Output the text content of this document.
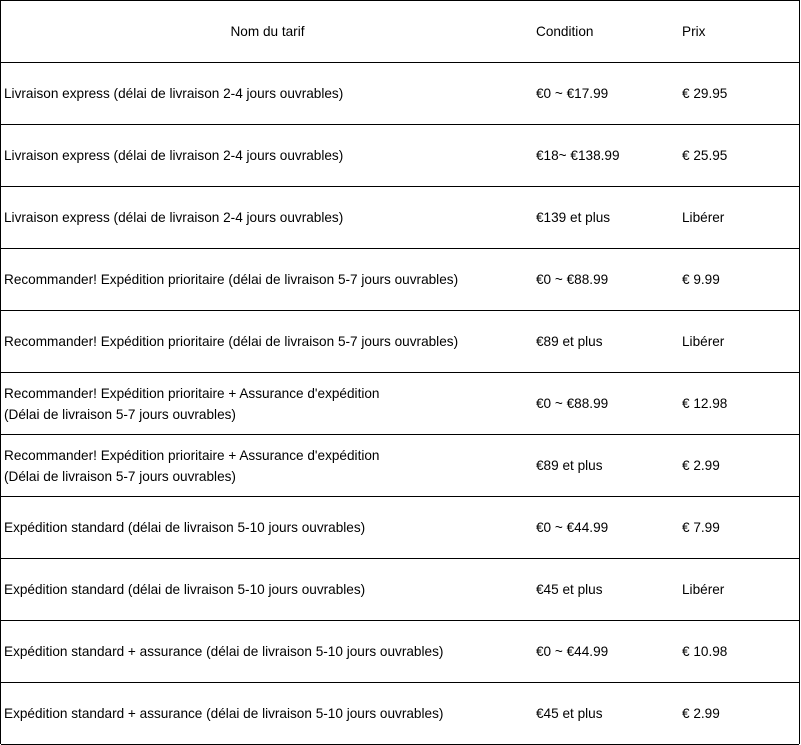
Nom du tarif	Condition	Prix
Livraison express (délai de livraison 2-4 jours ouvrables)	€0 ~ €17.99	€ 29.95
Livraison express (délai de livraison 2-4 jours ouvrables)	€18~ €138.99	€ 25.95
Livraison express (délai de livraison 2-4 jours ouvrables)	€139 et plus	Libérer
Recommander! Expédition prioritaire (délai de livraison 5-7 jours ouvrables)	€0 ~ €88.99	€ 9.99
Recommander! Expédition prioritaire (délai de livraison 5-7 jours ouvrables)	€89 et plus	Libérer
Recommander! Expédition prioritaire + Assurance d'expédition
(Délai de livraison 5-7 jours ouvrables)
€0 ~ €88.99	€ 12.98
Recommander! Expédition prioritaire + Assurance d'expédition
(Délai de livraison 5-7 jours ouvrables)
€89 et plus	€ 2.99
Expédition standard (délai de livraison 5-10 jours ouvrables)	€0 ~ €44.99	€ 7.99
Expédition standard (délai de livraison 5-10 jours ouvrables)	€45 et plus	Libérer
Expédition standard + assurance (délai de livraison 5-10 jours ouvrables)	€0 ~ €44.99	€ 10.98
Expédition standard + assurance (délai de livraison 5-10 jours ouvrables)	€45 et plus	€ 2.99
